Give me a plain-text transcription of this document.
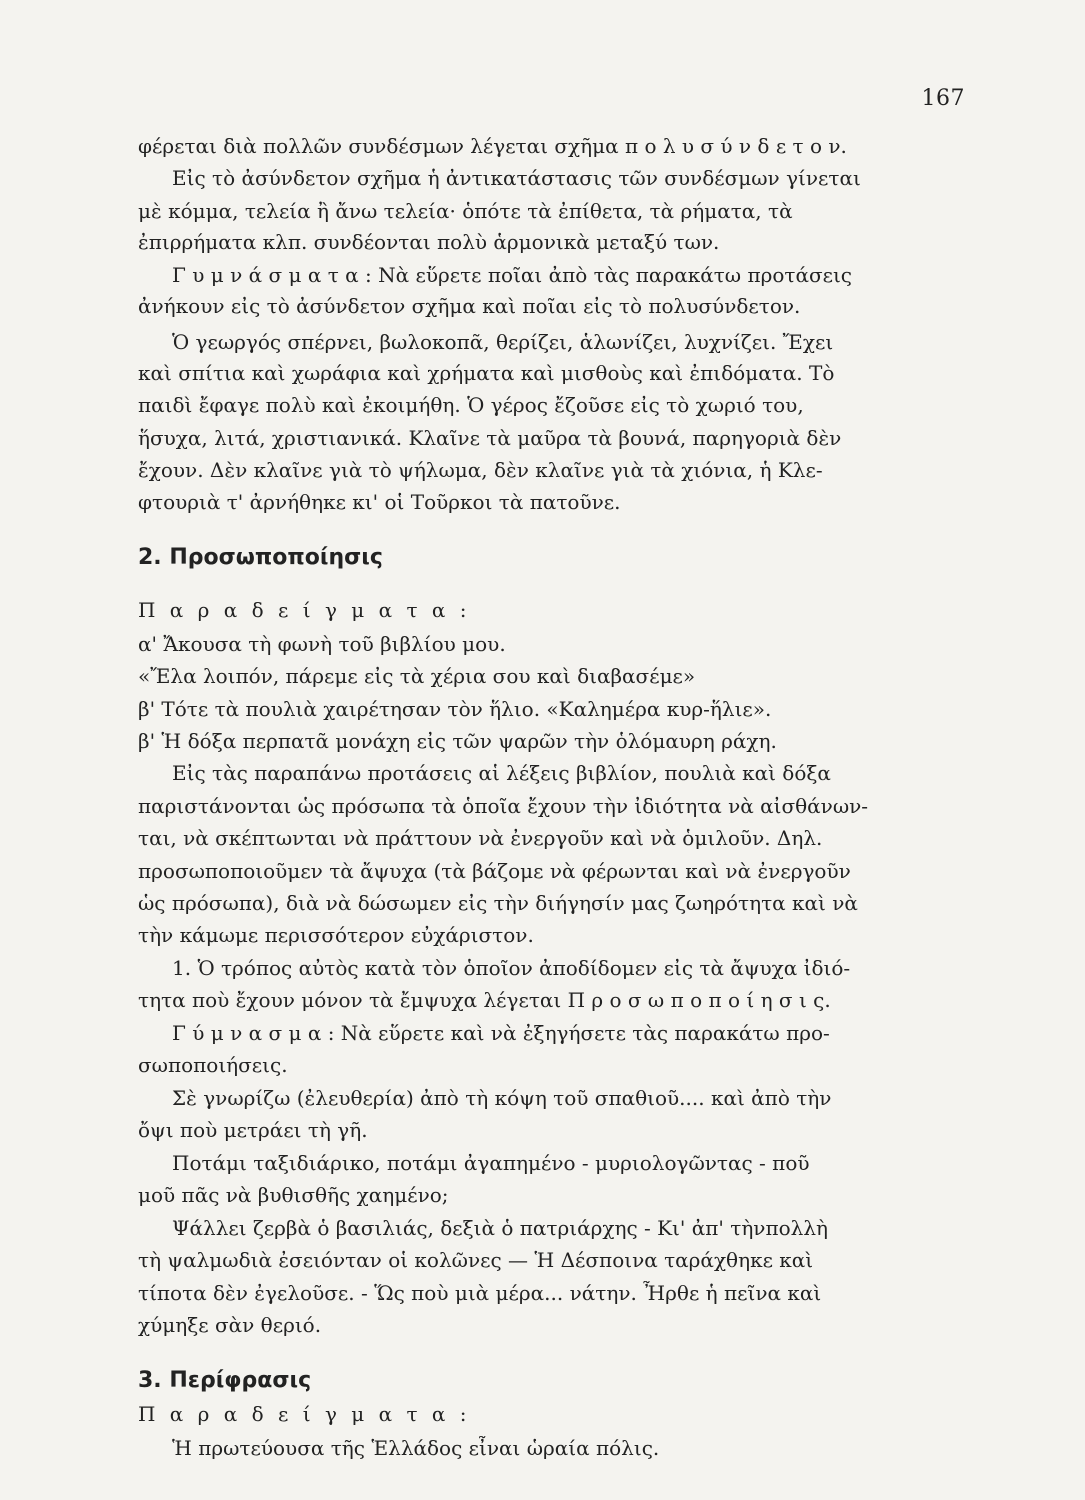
167
φέρεται διὰ πολλῶν συνδέσμων λέγεται σχῆμα π ο λ υ σ ύ ν δ ε τ ο ν.
Εἰς τὸ ἀσύνδετον σχῆμα ἡ ἀντικατάστασις τῶν συνδέσμων γίνεται
μὲ κόμμα, τελεία ἢ ἄνω τελεία· ὁπότε τὰ ἐπίθετα, τὰ ρήματα, τὰ
ἐπιρρήματα κλπ. συνδέονται πολὺ ἁρμονικὰ μεταξύ των.
Γ υ μ ν ά σ μ α τ α : Νὰ εὕρετε ποῖαι ἀπὸ τὰς παρακάτω προτάσεις
ἀνήκουν εἰς τὸ ἀσύνδετον σχῆμα καὶ ποῖαι εἰς τὸ πολυσύνδετον.
Ὁ γεωργός σπέρνει, βωλοκοπᾶ, θερίζει, ἁλωνίζει, λυχνίζει. Ἔχει
καὶ σπίτια καὶ χωράφια καὶ χρήματα καὶ μισθοὺς καὶ ἐπιδόματα. Τὸ
παιδὶ ἔφαγε πολὺ καὶ ἐκοιμήθη. Ὁ γέρος ἔζοῦσε εἰς τὸ χωριό του,
ἥσυχα, λιτά, χριστιανικά. Κλαῖνε τὰ μαῦρα τὰ βουνά, παρηγοριὰ δὲν
ἔχουν. Δὲν κλαῖνε γιὰ τὸ ψήλωμα, δὲν κλαῖνε γιὰ τὰ χιόνια, ἡ Κλε-
φτουριὰ τ' ἀρνήθηκε κι' οἱ Τοῦρκοι τὰ πατοῦνε.
2. Προσωποποίησις
Π α ρ α δ ε ί γ μ α τ α :
α' Ἄκουσα τὴ φωνὴ τοῦ βιβλίου μου.
«Ἔλα λοιπόν, πάρεμε εἰς τὰ χέρια σου καὶ διαβασέμε»
β' Τότε τὰ πουλιὰ χαιρέτησαν τὸν ἥλιο. «Καλημέρα κυρ-ἥλιε».
β' Ἡ δόξα περπατᾶ μονάχη εἰς τῶν ψαρῶν τὴν ὁλόμαυρη ράχη.
Εἰς τὰς παραπάνω προτάσεις αἱ λέξεις βιβλίον, πουλιὰ καὶ δόξα
παριστάνονται ὡς πρόσωπα τὰ ὁποῖα ἔχουν τὴν ἰδιότητα νὰ αἰσθάνων-
ται, νὰ σκέπτωνται νὰ πράττουν νὰ ἐνεργοῦν καὶ νὰ ὁμιλοῦν. Δηλ.
προσωποποιοῦμεν τὰ ἄψυχα (τὰ βάζομε νὰ φέρωνται καὶ νὰ ἐνεργοῦν
ὡς πρόσωπα), διὰ νὰ δώσωμεν εἰς τὴν διήγησίν μας ζωηρότητα καὶ νὰ
τὴν κάμωμε περισσότερον εὐχάριστον.
1. Ὁ τρόπος αὐτὸς κατὰ τὸν ὁποῖον ἀποδίδομεν εἰς τὰ ἄψυχα ἰδιό-
τητα ποὺ ἔχουν μόνον τὰ ἔμψυχα λέγεται Π ρ ο σ ω π ο π ο ί η σ ι ς.
Γ ύ μ ν α σ μ α : Νὰ εὕρετε καὶ νὰ ἐξηγήσετε τὰς παρακάτω προ-
σωποποιήσεις.
Σὲ γνωρίζω (ἐλευθερία) ἀπὸ τὴ κόψη τοῦ σπαθιοῦ.... καὶ ἀπὸ τὴν
ὄψι ποὺ μετράει τὴ γῆ.
Ποτάμι ταξιδιάρικο, ποτάμι ἀγαπημένο - μυριολογῶντας - ποῦ
μοῦ πᾶς νὰ βυθισθῆς χαημένο;
Ψάλλει ζερβὰ ὁ βασιλιάς, δεξιὰ ὁ πατριάρχης - Κι' ἀπ' τὴνπολλὴ
τὴ ψαλμωδιὰ ἐσειόνταν οἱ κολῶνες — Ἡ Δέσποινα ταράχθηκε καὶ
τίποτα δὲν ἐγελοῦσε. - Ὥς ποὺ μιὰ μέρα... νάτην. Ἦρθε ἡ πεῖνα καὶ
χύμηξε σὰν θεριό.
3. Περίφρασις
Π α ρ α δ ε ί γ μ α τ α :
Ἡ πρωτεύουσα τῆς Ἑλλάδος εἶναι ὡραία πόλις.
